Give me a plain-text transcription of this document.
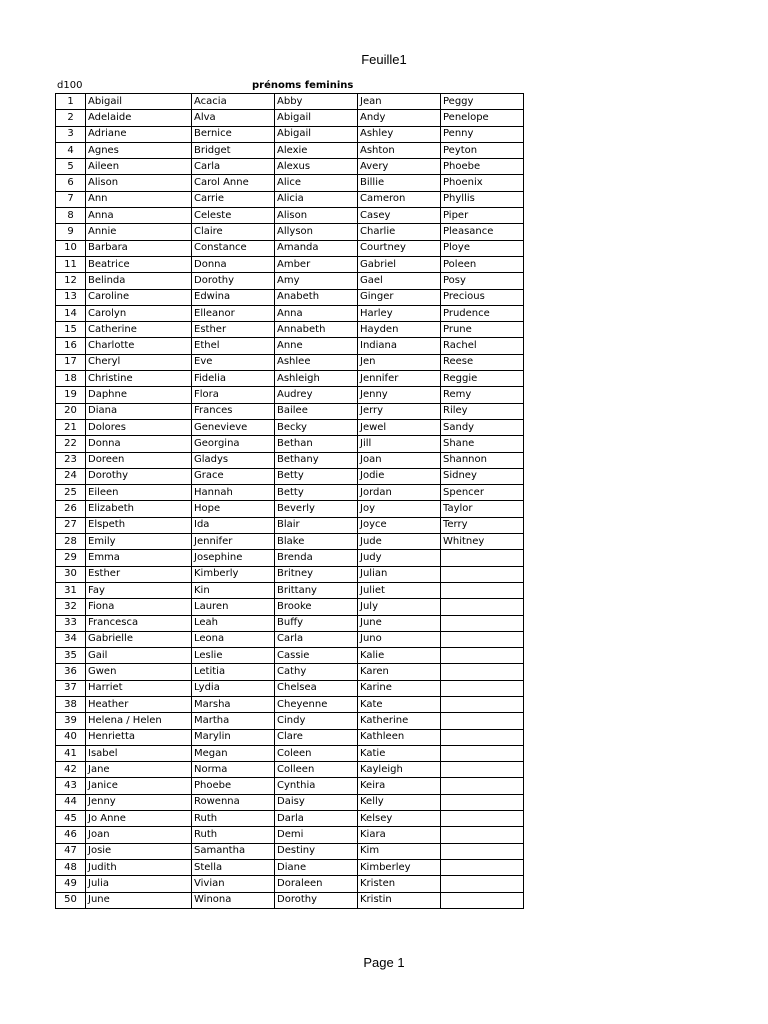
Feuille1
d100	prénoms feminins
1	Abigail	Acacia	Abby	Jean	Peggy
2	Adelaide	Alva	Abigail	Andy	Penelope
3	Adriane	Bernice	Abigail	Ashley	Penny
4	Agnes	Bridget	Alexie	Ashton	Peyton
5	Aileen	Carla	Alexus	Avery	Phoebe
6	Alison	Carol Anne	Alice	Billie	Phoenix
7	Ann	Carrie	Alicia	Cameron	Phyllis
8	Anna	Celeste	Alison	Casey	Piper
9	Annie	Claire	Allyson	Charlie	Pleasance
10	Barbara	Constance	Amanda	Courtney	Ploye
11	Beatrice	Donna	Amber	Gabriel	Poleen
12	Belinda	Dorothy	Amy	Gael	Posy
13	Caroline	Edwina	Anabeth	Ginger	Precious
14	Carolyn	Elleanor	Anna	Harley	Prudence
15	Catherine	Esther	Annabeth	Hayden	Prune
16	Charlotte	Ethel	Anne	Indiana	Rachel
17	Cheryl	Eve	Ashlee	Jen	Reese
18	Christine	Fidelia	Ashleigh	Jennifer	Reggie
19	Daphne	Flora	Audrey	Jenny	Remy
20	Diana	Frances	Bailee	Jerry	Riley
21	Dolores	Genevieve	Becky	Jewel	Sandy
22	Donna	Georgina	Bethan	Jill	Shane
23	Doreen	Gladys	Bethany	Joan	Shannon
24	Dorothy	Grace	Betty	Jodie	Sidney
25	Eileen	Hannah	Betty	Jordan	Spencer
26	Elizabeth	Hope	Beverly	Joy	Taylor
27	Elspeth	Ida	Blair	Joyce	Terry
28	Emily	Jennifer	Blake	Jude	Whitney
29	Emma	Josephine	Brenda	Judy	
30	Esther	Kimberly	Britney	Julian	
31	Fay	Kin	Brittany	Juliet	
32	Fiona	Lauren	Brooke	July	
33	Francesca	Leah	Buffy	June	
34	Gabrielle	Leona	Carla	Juno	
35	Gail	Leslie	Cassie	Kalie	
36	Gwen	Letitia	Cathy	Karen	
37	Harriet	Lydia	Chelsea	Karine	
38	Heather	Marsha	Cheyenne	Kate	
39	Helena / Helen	Martha	Cindy	Katherine	
40	Henrietta	Marylin	Clare	Kathleen	
41	Isabel	Megan	Coleen	Katie	
42	Jane	Norma	Colleen	Kayleigh	
43	Janice	Phoebe	Cynthia	Keira	
44	Jenny	Rowenna	Daisy	Kelly	
45	Jo Anne	Ruth	Darla	Kelsey	
46	Joan	Ruth	Demi	Kiara	
47	Josie	Samantha	Destiny	Kim	
48	Judith	Stella	Diane	Kimberley	
49	Julia	Vivian	Doraleen	Kristen	
50	June	Winona	Dorothy	Kristin	
Page 1
